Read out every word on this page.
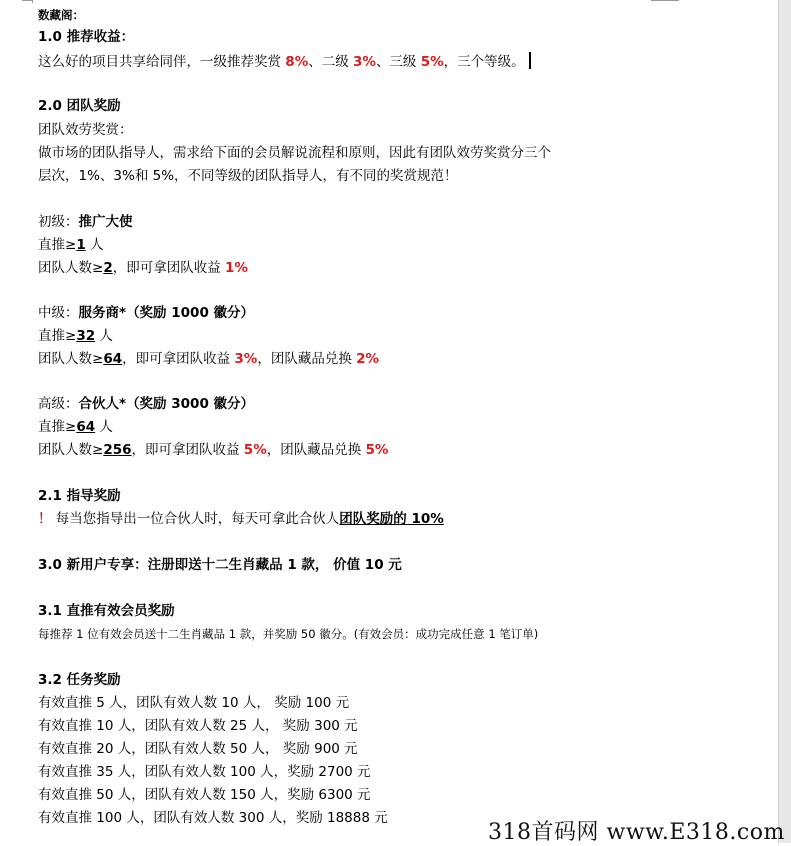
数藏阁：
1.0 推荐收益：
这么好的项目共享给同伴，一级推荐奖赏 8%、二级 3%、三级 5%，三个等级。
2.0 团队奖励
团队效劳奖赏：
做市场的团队指导人，需求给下面的会员解说流程和原则，因此有团队效劳奖赏分三个
层次，1%、3%和 5%，不同等级的团队指导人，有不同的奖赏规范！
初级：推广大使
直推≥1 人
团队人数≥2，即可拿团队收益 1%
中级：服务商*（奖励 1000 徽分）
直推≥32 人
团队人数≥64，即可拿团队收益 3%，团队藏品兑换 2%
高级：合伙人*（奖励 3000 徽分）
直推≥64 人
团队人数≥256，即可拿团队收益 5%，团队藏品兑换 5%
2.1 指导奖励
！ 每当您指导出一位合伙人时，每天可拿此合伙人团队奖励的 10%
3.0 新用户专享：注册即送十二生肖藏品 1 款， 价值 10 元
3.1 直推有效会员奖励
每推荐 1 位有效会员送十二生肖藏品 1 款，并奖励 50 徽分。(有效会员：成功完成任意 1 笔订单)
3.2 任务奖励
有效直推 5 人，团队有效人数 10 人， 奖励 100 元
有效直推 10 人，团队有效人数 25 人， 奖励 300 元
有效直推 20 人，团队有效人数 50 人， 奖励 900 元
有效直推 35 人，团队有效人数 100 人，奖励 2700 元
有效直推 50 人，团队有效人数 150 人，奖励 6300 元
有效直推 100 人，团队有效人数 300 人，奖励 18888 元
318首码网 www.E318.com
